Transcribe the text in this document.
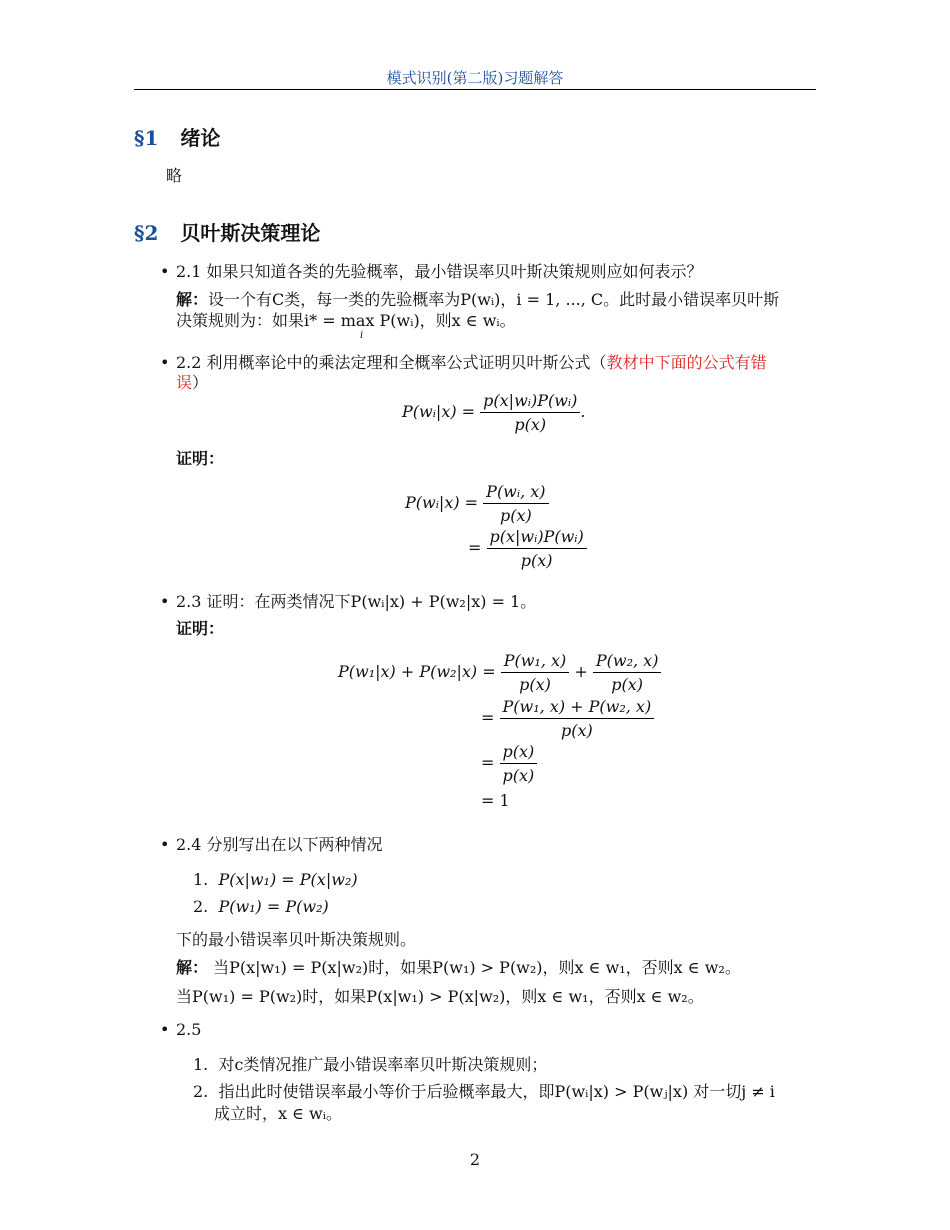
模式识别(第二版)习题解答
§1 绪论
略
§2 贝叶斯决策理论
• 2.1 如果只知道各类的先验概率，最小错误率贝叶斯决策规则应如何表示？
解：设一个有C类，每一类的先验概率为P(wᵢ)，i = 1, ..., C。此时最小错误率贝叶斯
决策规则为：如果i* = max P(wᵢ)，则x ∈ wᵢ。
i
• 2.2 利用概率论中的乘法定理和全概率公式证明贝叶斯公式（教材中下面的公式有错
误）
P(wᵢ|x) = $\frac{\text{p(x|wᵢ)P(wᵢ)}}{p(x)}$ .
证明：
P(wᵢ|x) = $\frac{\text{P(wᵢ, x)}}{p(x)}$
= $\frac{\text{p(x|wᵢ)P(wᵢ)}}{p(x)}$
• 2.3 证明：在两类情况下P(wᵢ|x) + P(w₂|x) = 1。
证明：
$P(w_1|x) + P(w_2|x) = \frac{\text{P(w₁, x)}}{p(x)} + \frac{\text{P(w₂, x)}}{p(x)}$
= $\frac{\text{P(w₁, x) + P(w₂, x)}}{p(x)}$
= $\frac{p(x)}{p(x)}$
= 1
• 2.4 分别写出在以下两种情况
1.  P(x|w₁) = P(x|w₂)
2.  P(w₁) = P(w₂)
下的最小错误率贝叶斯决策规则。
解： 当P(x|w₁) = P(x|w₂)时，如果P(w₁) > P(w₂)，则x ∈ w₁，否则x ∈ w₂。
当P(w₁) = P(w₂)时，如果P(x|w₁) > P(x|w₂)，则x ∈ w₁，否则x ∈ w₂。
• 2.5
1.  对c类情况推广最小错误率率贝叶斯决策规则；
2.  指出此时使错误率最小等价于后验概率最大，即P(wᵢ|x) > P(wⱼ|x) 对一切j ≠ i
成立时，x ∈ wᵢ。
2
